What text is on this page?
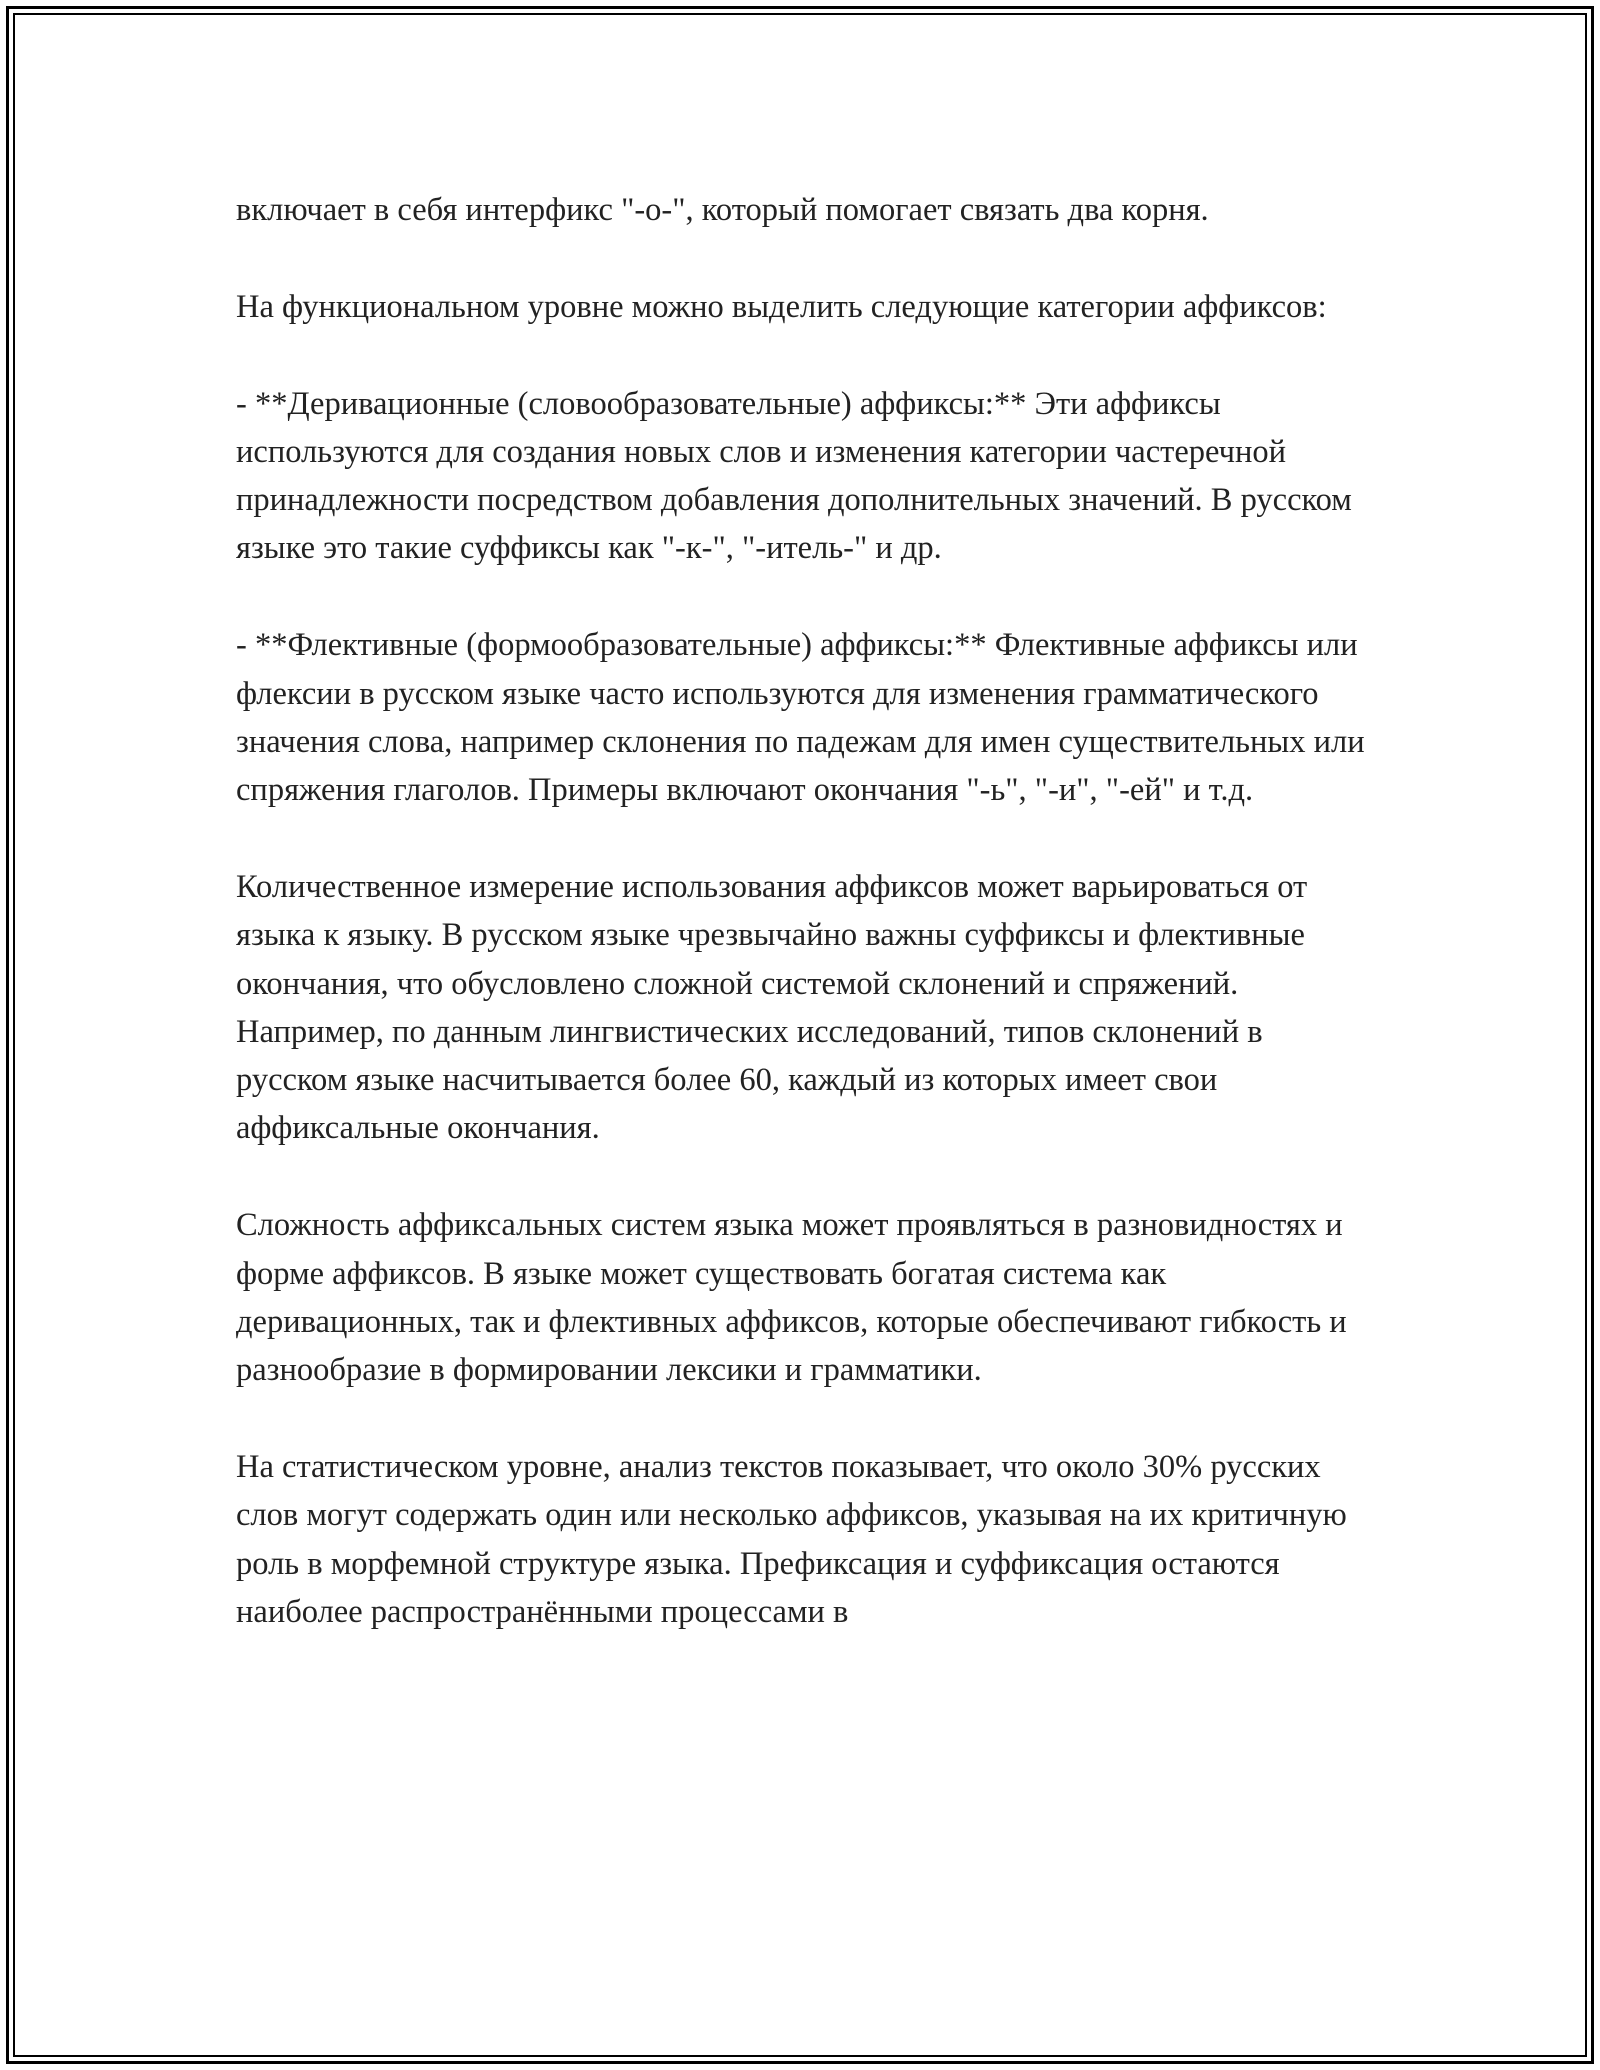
включает в себя интерфикс "-о-", который помогает связать два корня.

На функциональном уровне можно выделить следующие категории аффиксов:

- **Деривационные (словообразовательные) аффиксы:** Эти аффиксы используются для создания новых слов и изменения категории частеречной принадлежности посредством добавления дополнительных значений. В русском языке это такие суффиксы как "-к-", "-итель-" и др.

- **Флективные (формообразовательные) аффиксы:** Флективные аффиксы или флексии в русском языке часто используются для изменения грамматического значения слова, например склонения по падежам для имен существительных или спряжения глаголов. Примеры включают окончания "-ь", "-и", "-ей" и т.д.

Количественное измерение использования аффиксов может варьироваться от языка к языку. В русском языке чрезвычайно важны суффиксы и флективные окончания, что обусловлено сложной системой склонений и спряжений. Например, по данным лингвистических исследований, типов склонений в русском языке насчитывается более 60, каждый из которых имеет свои аффиксальные окончания.

Сложность аффиксальных систем языка может проявляться в разновидностях и форме аффиксов. В языке может существовать богатая система как деривационных, так и флективных аффиксов, которые обеспечивают гибкость и разнообразие в формировании лексики и грамматики.

На статистическом уровне, анализ текстов показывает, что около 30% русских слов могут содержать один или несколько аффиксов, указывая на их критичную роль в морфемной структуре языка. Префиксация и суффиксация остаются наиболее распространёнными процессами в
